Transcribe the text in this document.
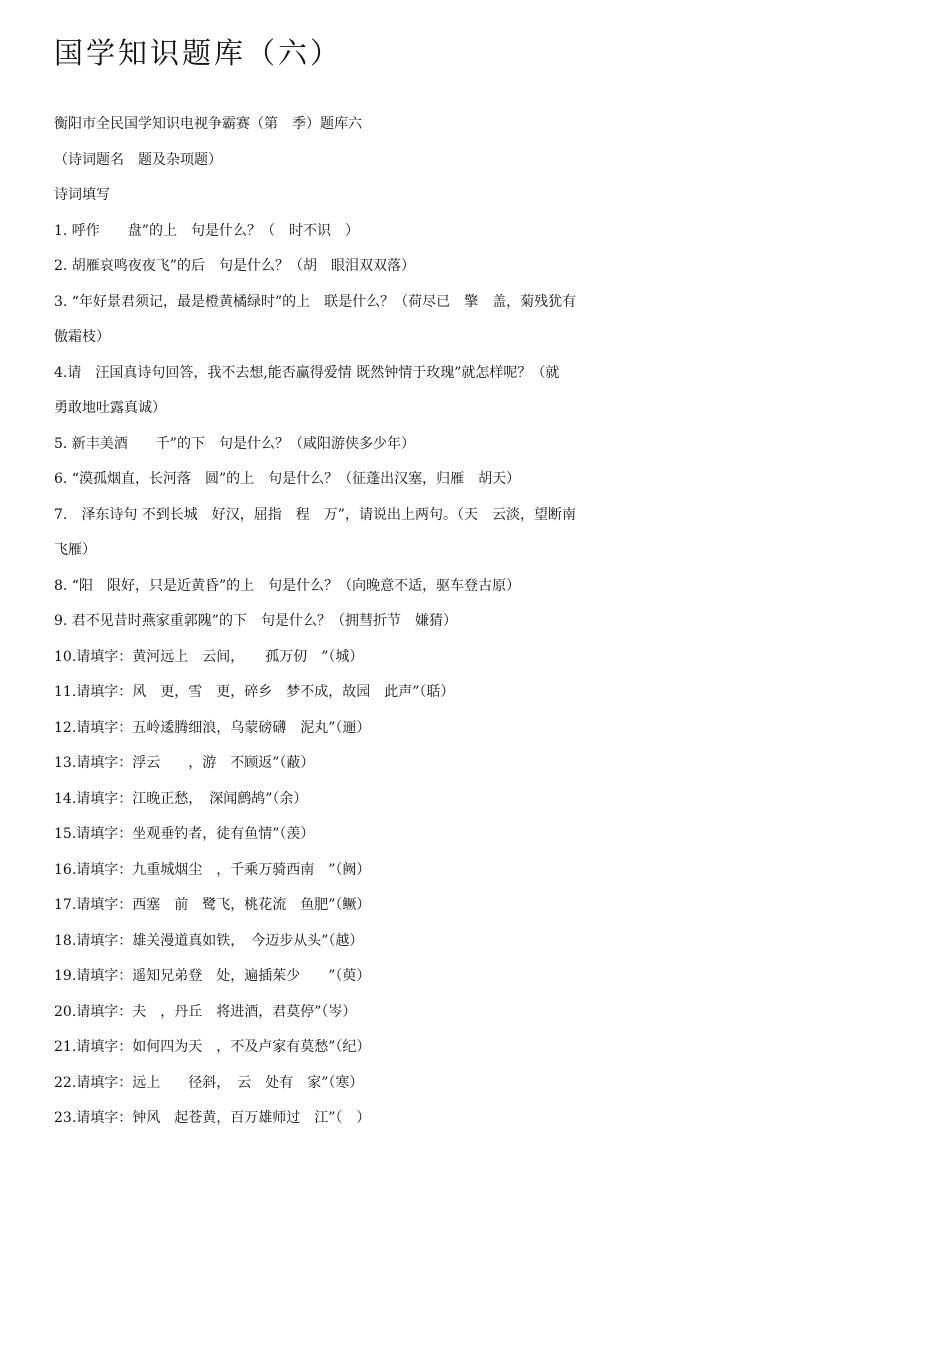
国学知识题库（六）
衡阳市全民国学知识电视争霸赛（第　季）题库六
（诗词题名　题及杂项题）
诗词填写
1. 呼作　　盘”的上　句是什么？（　时不识　）
2. 胡雁哀鸣夜夜飞”的后　句是什么？（胡　眼泪双双落）
3. “年好景君须记，最是橙黄橘绿时”的上　联是什么？（荷尽已　擎　盖，菊残犹有
傲霜枝）
4.请　汪国真诗句回答，我不去想,能否赢得爱情 既然钟情于玫瑰”就怎样呢？（就
勇敢地吐露真诚）
5. 新丰美酒　　千”的下　句是什么？（咸阳游侠多少年）
6. “漠孤烟直，长河落　圆”的上　句是什么？（征蓬出汉塞，归雁　胡天）
7.　泽东诗句 不到长城　好汉，屈指　程　万”，请说出上两句。（天　云淡，望断南
飞雁）
8. “阳　限好，只是近黄昏”的上　句是什么？（向晚意不适，驱车登古原）
9. 君不见昔时燕家重郭隗”的下　句是什么？（拥彗折节　嫌猜）
10.请填字：黄河远上　云间，　　孤万仞　”（城）
11.请填字：风　更，雪　更，碎乡　梦不成，故园　此声”（聒）
12.请填字：五岭逶腾细浪，乌蒙磅礴　泥丸”（逦）
13.请填字：浮云　　，游　不顾返”（蔽）
14.请填字：江晚正愁，　深闻鹧鸪”（余）
15.请填字：坐观垂钓者，徒有鱼情”（羡）
16.请填字：九重城烟尘　，千乘万骑西南　”（阙）
17.请填字：西塞　前　鹭飞，桃花流　鱼肥”（鳜）
18.请填字：雄关漫道真如铁，　今迈步从头”（越）
19.请填字：遥知兄弟登　处，遍插茱少　　”（萸）
20.请填字：夫　，丹丘　将进酒，君莫停”（岑）
21.请填字：如何四为天　，不及卢家有莫愁”（纪）
22.请填字：远上　　径斜，　云　处有　家”（寒）
23.请填字：钟风　起苍黄，百万雄师过　江”（　）
